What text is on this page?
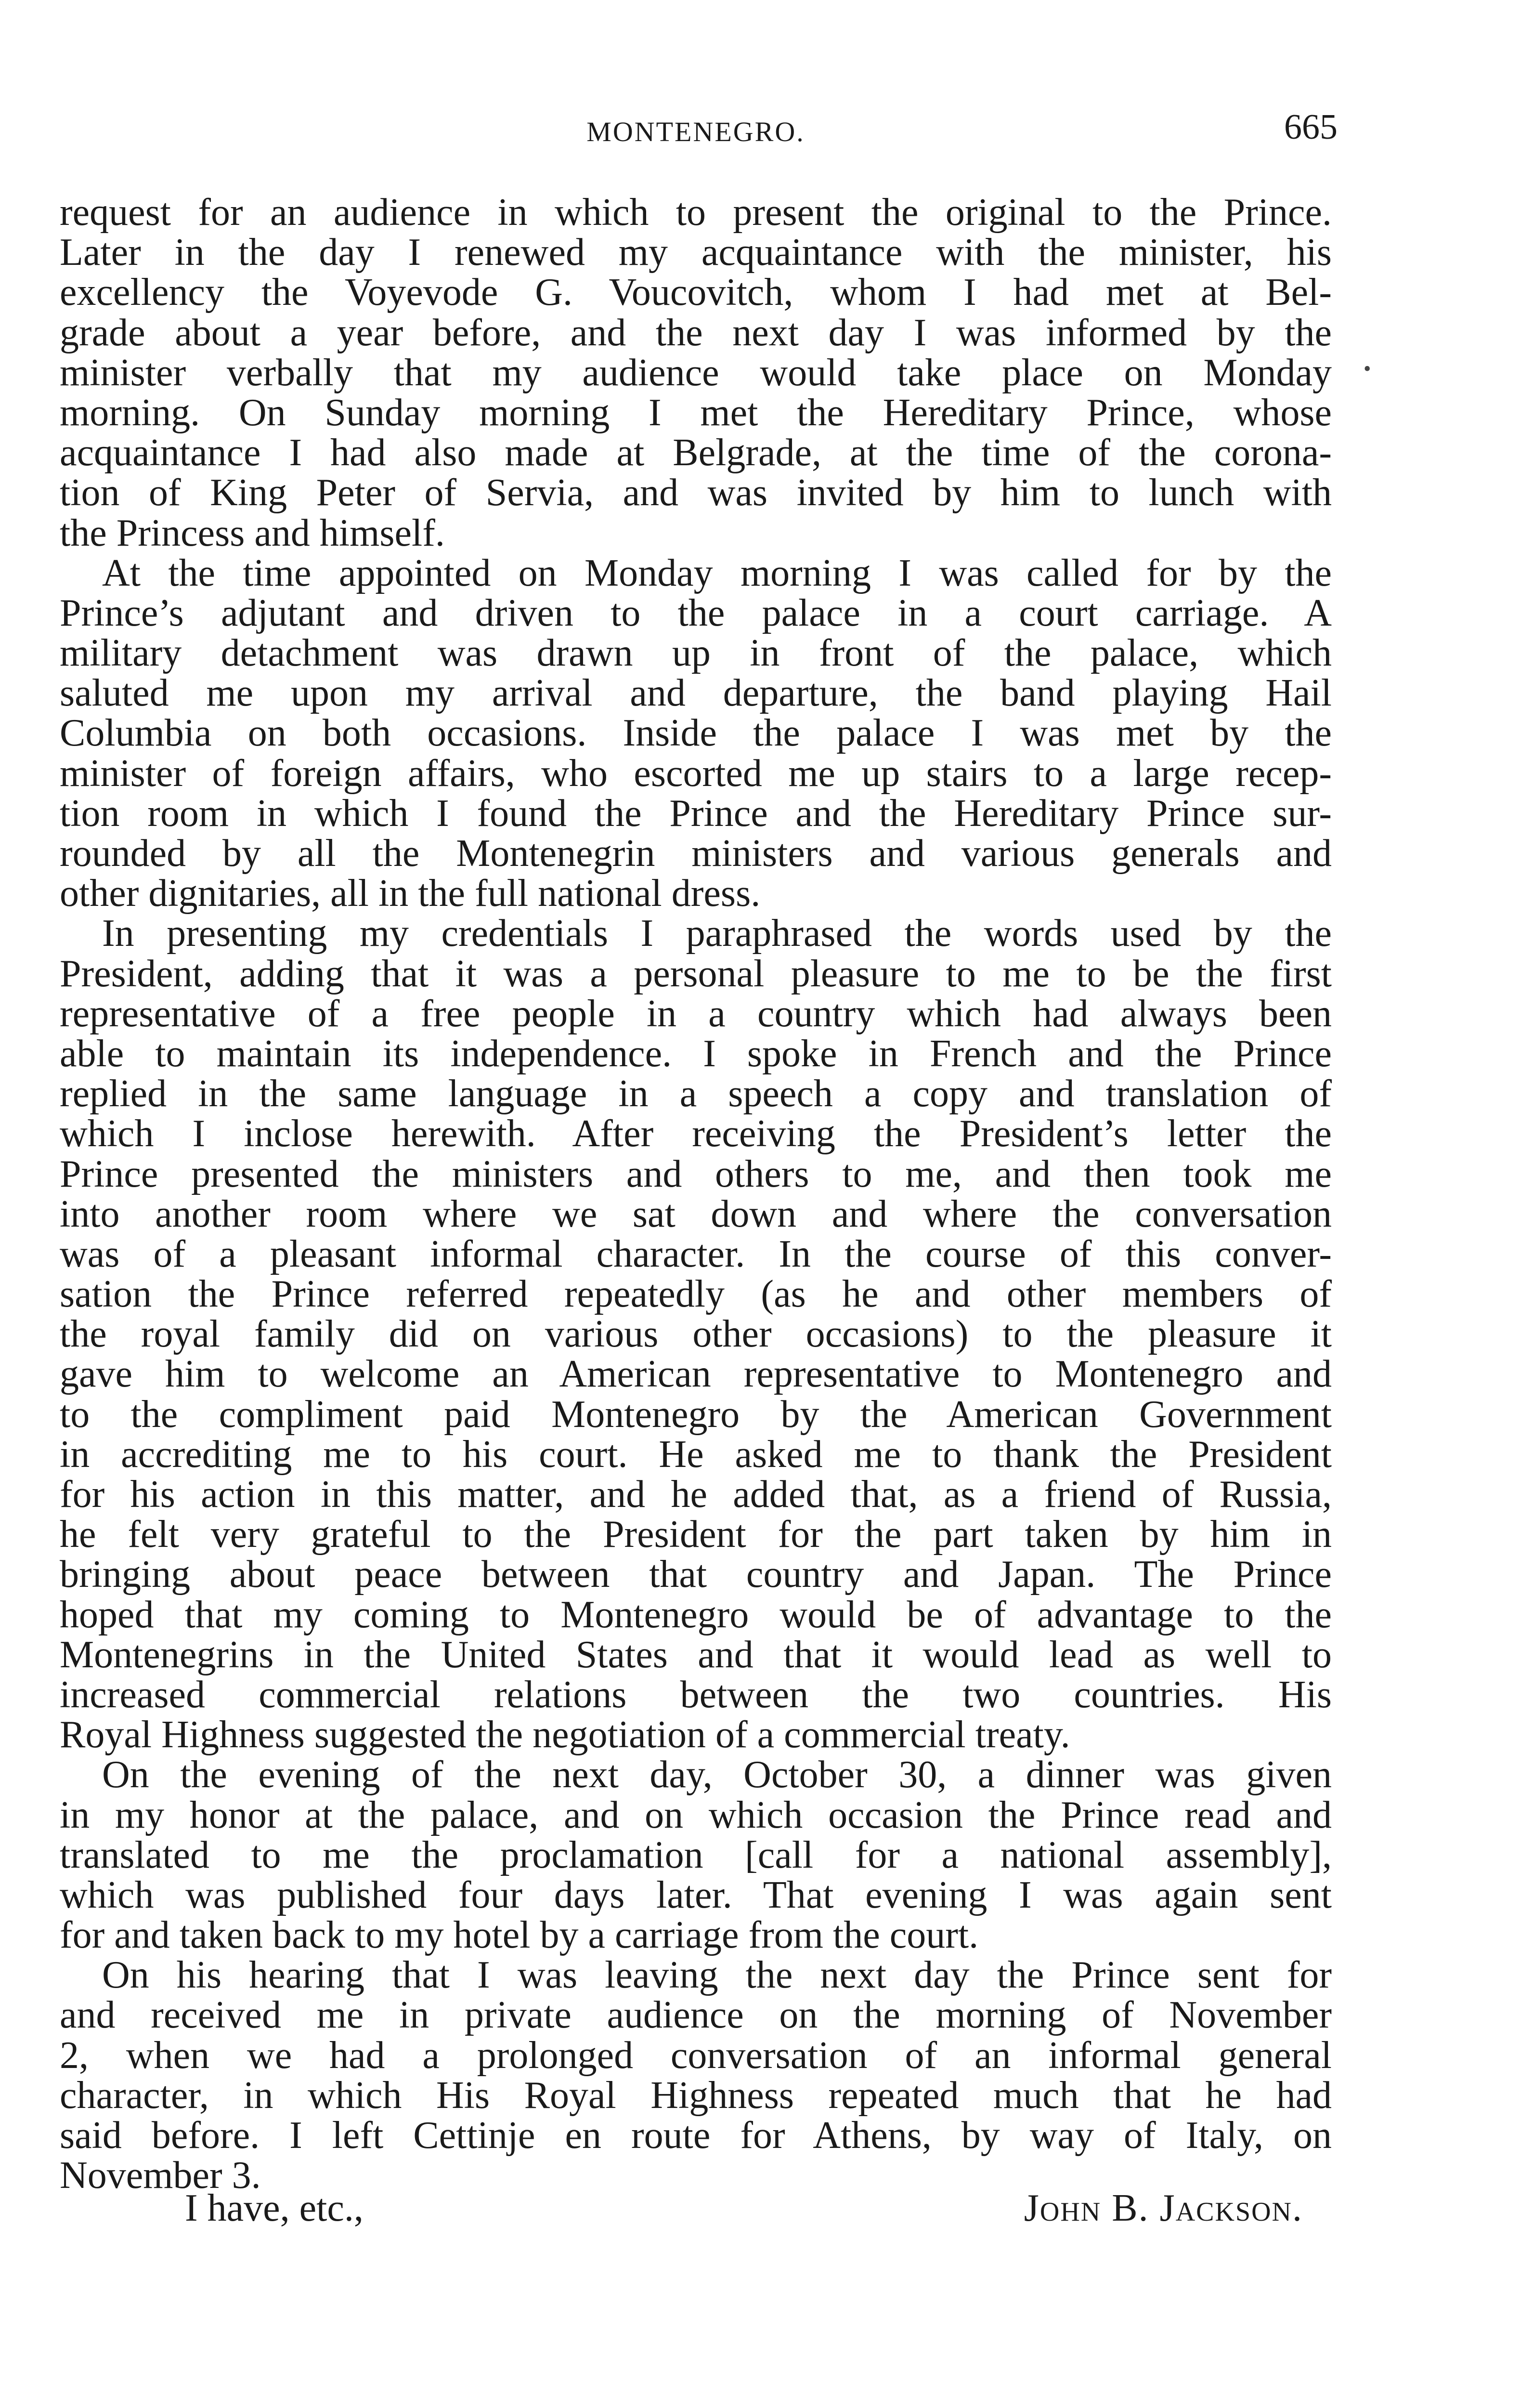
MONTENEGRO.	665
request for an audience in which to present the original to the Prince.
Later in the day I renewed my acquaintance with the minister, his
excellency the Voyevode G. Voucovitch, whom I had met at Bel-
grade about a year before, and the next day I was informed by the
minister verbally that my audience would take place on Monday
morning. On Sunday morning I met the Hereditary Prince, whose
acquaintance I had also made at Belgrade, at the time of the corona-
tion of King Peter of Servia, and was invited by him to lunch with
the Princess and himself.
At the time appointed on Monday morning I was called for by the
Prince’s adjutant and driven to the palace in a court carriage. A
military detachment was drawn up in front of the palace, which
saluted me upon my arrival and departure, the band playing Hail
Columbia on both occasions. Inside the palace I was met by the
minister of foreign affairs, who escorted me up stairs to a large recep-
tion room in which I found the Prince and the Hereditary Prince sur-
rounded by all the Montenegrin ministers and various generals and
other dignitaries, all in the full national dress.
In presenting my credentials I paraphrased the words used by the
President, adding that it was a personal pleasure to me to be the first
representative of a free people in a country which had always been
able to maintain its independence. I spoke in French and the Prince
replied in the same language in a speech a copy and translation of
which I inclose herewith. After receiving the President’s letter the
Prince presented the ministers and others to me, and then took me
into another room where we sat down and where the conversation
was of a pleasant informal character. In the course of this conver-
sation the Prince referred repeatedly (as he and other members of
the royal family did on various other occasions) to the pleasure it
gave him to welcome an American representative to Montenegro and
to the compliment paid Montenegro by the American Government
in accrediting me to his court. He asked me to thank the President
for his action in this matter, and he added that, as a friend of Russia,
he felt very grateful to the President for the part taken by him in
bringing about peace between that country and Japan. The Prince
hoped that my coming to Montenegro would be of advantage to the
Montenegrins in the United States and that it would lead as well to
increased commercial relations between the two countries. His
Royal Highness suggested the negotiation of a commercial treaty.
On the evening of the next day, October 30, a dinner was given
in my honor at the palace, and on which occasion the Prince read and
translated to me the proclamation [call for a national assembly],
which was published four days later. That evening I was again sent
for and taken back to my hotel by a carriage from the court.
On his hearing that I was leaving the next day the Prince sent for
and received me in private audience on the morning of November
2, when we had a prolonged conversation of an informal general
character, in which His Royal Highness repeated much that he had
said before. I left Cettinje en route for Athens, by way of Italy, on
November 3.
I have, etc.,	John B. Jackson.
•
